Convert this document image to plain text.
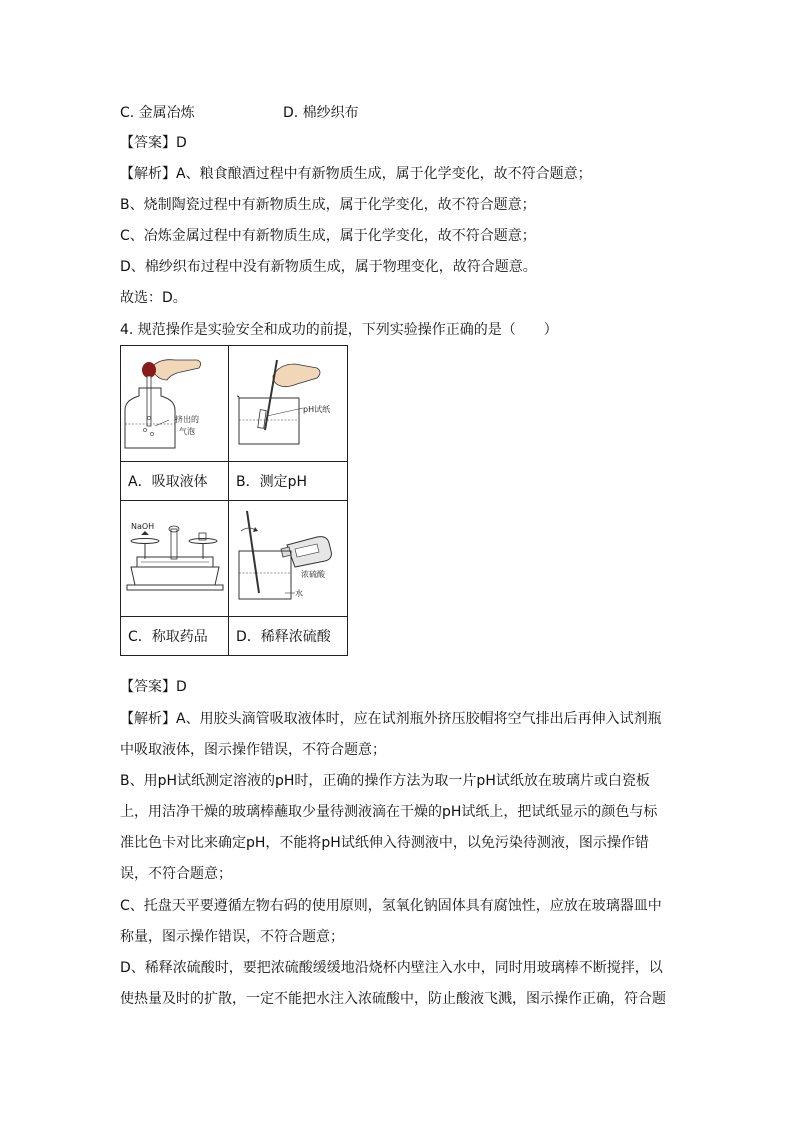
C. 金属冶炼	D. 棉纱织布
【答案】D
【解析】A、粮食酿酒过程中有新物质生成，属于化学变化，故不符合题意；
B、烧制陶瓷过程中有新物质生成，属于化学变化，故不符合题意；
C、冶炼金属过程中有新物质生成，属于化学变化，故不符合题意；
D、棉纱织布过程中没有新物质生成，属于物理变化，故符合题意。
故选：D。
4. 规范操作是实验安全和成功的前提，下列实验操作正确的是（　　）
挤出的
气泡	pH试纸

A．吸取液体	B．测定pH

NaOH	浓硫酸
水

C．称取药品	D．稀释浓硫酸
【答案】D
【解析】A、用胶头滴管吸取液体时，应在试剂瓶外挤压胶帽将空气排出后再伸入试剂瓶
中吸取液体，图示操作错误，不符合题意；
B、用pH试纸测定溶液的pH时，正确的操作方法为取一片pH试纸放在玻璃片或白瓷板
上，用洁净干燥的玻璃棒蘸取少量待测液滴在干燥的pH试纸上，把试纸显示的颜色与标
准比色卡对比来确定pH，不能将pH试纸伸入待测液中，以免污染待测液，图示操作错
误，不符合题意；
C、托盘天平要遵循左物右码的使用原则，氢氧化钠固体具有腐蚀性，应放在玻璃器皿中
称量，图示操作错误，不符合题意；
D、稀释浓硫酸时，要把浓硫酸缓缓地沿烧杯内壁注入水中，同时用玻璃棒不断搅拌，以
使热量及时的扩散，一定不能把水注入浓硫酸中，防止酸液飞溅，图示操作正确，符合题
